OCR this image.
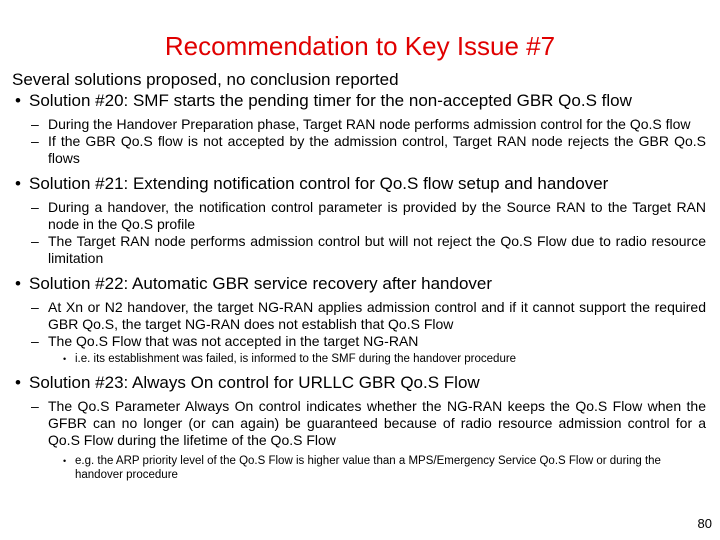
Recommendation to Key Issue #7

Several solutions proposed, no conclusion reported

• Solution #20: SMF starts the pending timer for the non-accepted GBR Qo.S flow

– During the Handover Preparation phase, Target RAN node performs admission control for the Qo.S flow

– If the GBR Qo.S flow is not accepted by the admission control, Target RAN node rejects the GBR Qo.S flows

• Solution #21: Extending notification control for Qo.S flow setup and handover

– During a handover, the notification control parameter is provided by the Source RAN to the Target RAN node in the Qo.S profile

– The Target RAN node performs admission control but will not reject the Qo.S Flow due to radio resource limitation

• Solution #22: Automatic GBR service recovery after handover

– At Xn or N2 handover, the target NG-RAN applies admission control and if it cannot support the required GBR Qo.S, the target NG-RAN does not establish that Qo.S Flow

– The Qo.S Flow that was not accepted in the target NG-RAN

• i.e. its establishment was failed, is informed to the SMF during the handover procedure

• Solution #23: Always On control for URLLC GBR Qo.S Flow

– The Qo.S Parameter Always On control indicates whether the NG-RAN keeps the Qo.S Flow when the GFBR can no longer (or can again) be guaranteed because of radio resource admission control for a Qo.S Flow during the lifetime of the Qo.S Flow

• e.g. the ARP priority level of the Qo.S Flow is higher value than a MPS/Emergency Service Qo.S Flow or during the handover procedure

80
